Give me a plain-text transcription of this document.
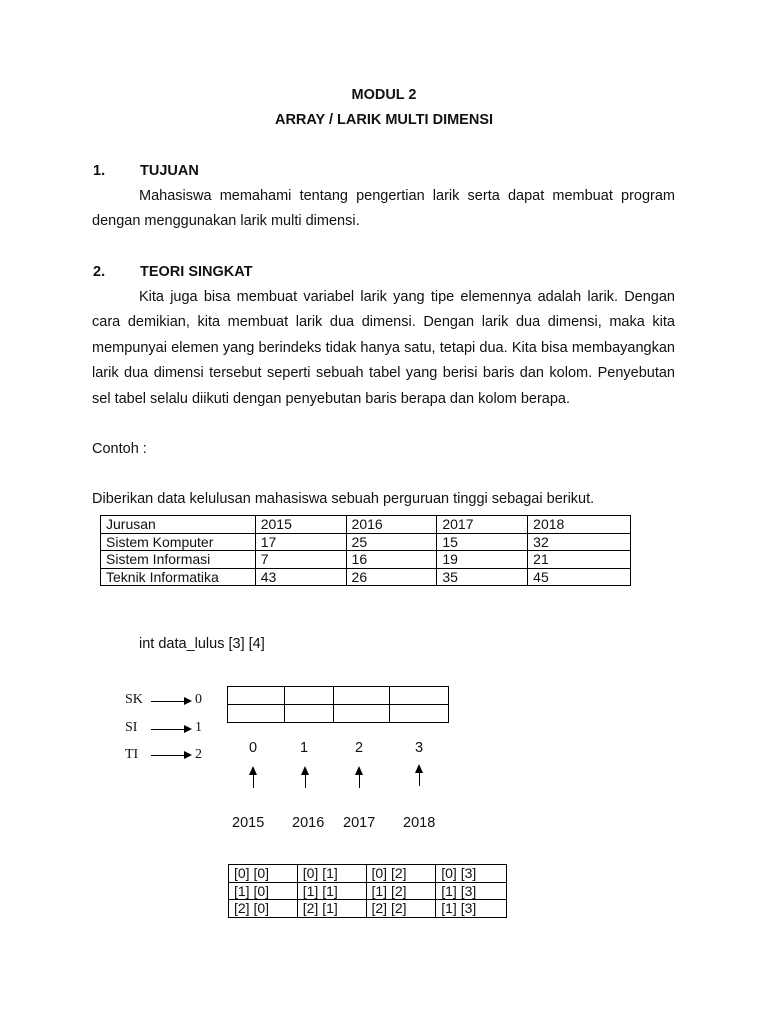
MODUL 2
ARRAY / LARIK MULTI DIMENSI
1. TUJUAN
Mahasiswa memahami tentang pengertian larik serta dapat membuat program dengan menggunakan larik multi dimensi.
2. TEORI SINGKAT
Kita juga bisa membuat variabel larik yang tipe elemennya adalah larik. Dengan cara demikian, kita membuat larik dua dimensi. Dengan larik dua dimensi, maka kita mempunyai elemen yang berindeks tidak hanya satu, tetapi dua. Kita bisa membayangkan larik dua dimensi tersebut seperti sebuah tabel yang berisi baris dan kolom. Penyebutan sel tabel selalu diikuti dengan penyebutan baris berapa dan kolom berapa.
Contoh :
Diberikan data kelulusan mahasiswa sebuah perguruan tinggi sebagai berikut.
Jurusan	2015	2016	2017	2018
Sistem Komputer	17	25	15	32
Sistem Informasi	7	16	19	21
Teknik Informatika	43	26	35	45
int data_lulus [3] [4]
SK	0
SI	1
TI	2

				0	1	2	3
2015 2016 2017 2018
[0] [0]	[0] [1]	[0] [2]	[0] [3]
[1] [0]	[1] [1]	[1] [2]	[1] [3]
[2] [0]	[2] [1]	[2] [2]	[1] [3]
